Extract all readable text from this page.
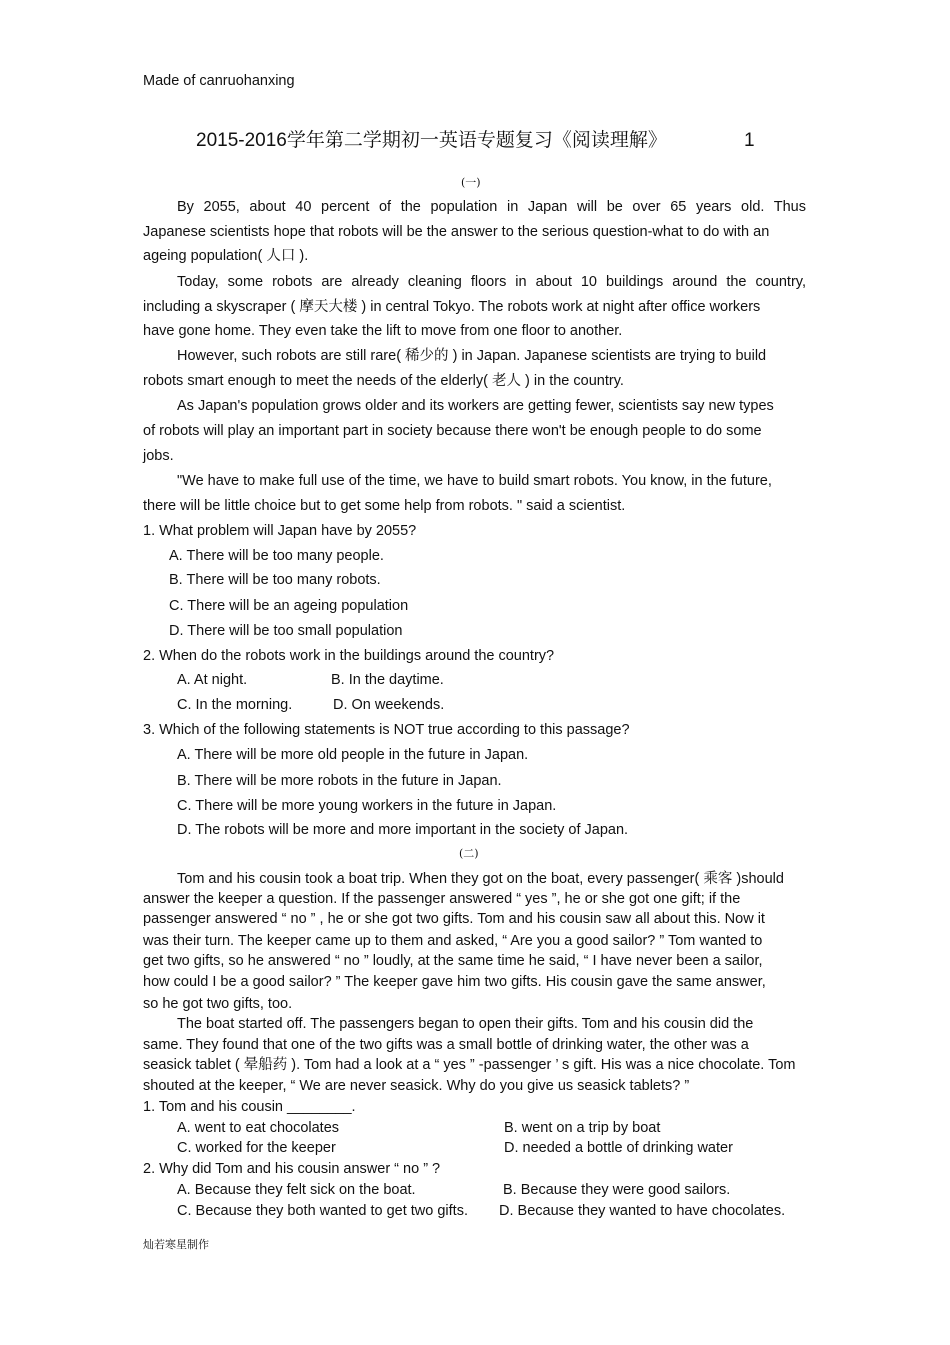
Made of canruohanxing
2015-2016学年第二学期初一英语专题复习《阅读理解》	1
(一)
By 2055, about 40 percent of the population in Japan will be over 65 years old. Thus
Japanese scientists hope that robots will be the answer to the serious question-what to do with an
ageing population( 人口 ).
Today, some robots are already cleaning floors in about 10 buildings around the country,
including a skyscraper ( 摩天大楼 ) in central Tokyo. The robots work at night after office workers
have gone home. They even take the lift to move from one floor to another.
However, such robots are still rare( 稀少的 ) in Japan. Japanese scientists are trying to build
robots smart enough to meet the needs of the elderly( 老人 ) in the country.
As Japan's population grows older and its workers are getting fewer, scientists say new types
of robots will play an important part in society because there won't be enough people to do some
jobs.
"We have to make full use of the time, we have to build smart robots. You know, in the future,
there will be little choice but to get some help from robots. " said a scientist.
1. What problem will Japan have by 2055?
A. There will be too many people.
B. There will be too many robots.
C. There will be an ageing population
D. There will be too small population
2. When do the robots work in the buildings around the country?
A. At night.	B. In the daytime.
C. In the morning.	D. On weekends.
3. Which of the following statements is NOT true according to this passage?
A. There will be more old people in the future in Japan.
B. There will be more robots in the future in Japan.
C. There will be more young workers in the future in Japan.
D. The robots will be more and more important in the society of Japan.
(二)
Tom and his cousin took a boat trip. When they got on the boat, every passenger( 乘客 )should
answer the keeper a question. If the passenger answered “ yes ”, he or she got one gift; if the
passenger answered “ no ” , he or she got two gifts. Tom and his cousin saw all about this. Now it
was their turn. The keeper came up to them and asked, “ Are you a good sailor? ” Tom wanted to
get two gifts, so he answered “ no ” loudly, at the same time he said, “ I have never been a sailor,
how could I be a good sailor? ” The keeper gave him two gifts. His cousin gave the same answer,
so he got two gifts, too.
The boat started off. The passengers began to open their gifts. Tom and his cousin did the
same. They found that one of the two gifts was a small bottle of drinking water, the other was a
seasick tablet ( 晕船药 ). Tom had a look at a “ yes ” -passenger ’ s gift. His was a nice chocolate. Tom
shouted at the keeper, “ We are never seasick. Why do you give us seasick tablets? ”
1. Tom and his cousin ________.
A. went to eat chocolates	B. went on a trip by boat
C. worked for the keeper	D. needed a bottle of drinking water
2. Why did Tom and his cousin answer “ no ” ?
A. Because they felt sick on the boat.	B. Because they were good sailors.
C. Because they both wanted to get two gifts. D. Because they wanted to have chocolates.
灿若寒星制作
